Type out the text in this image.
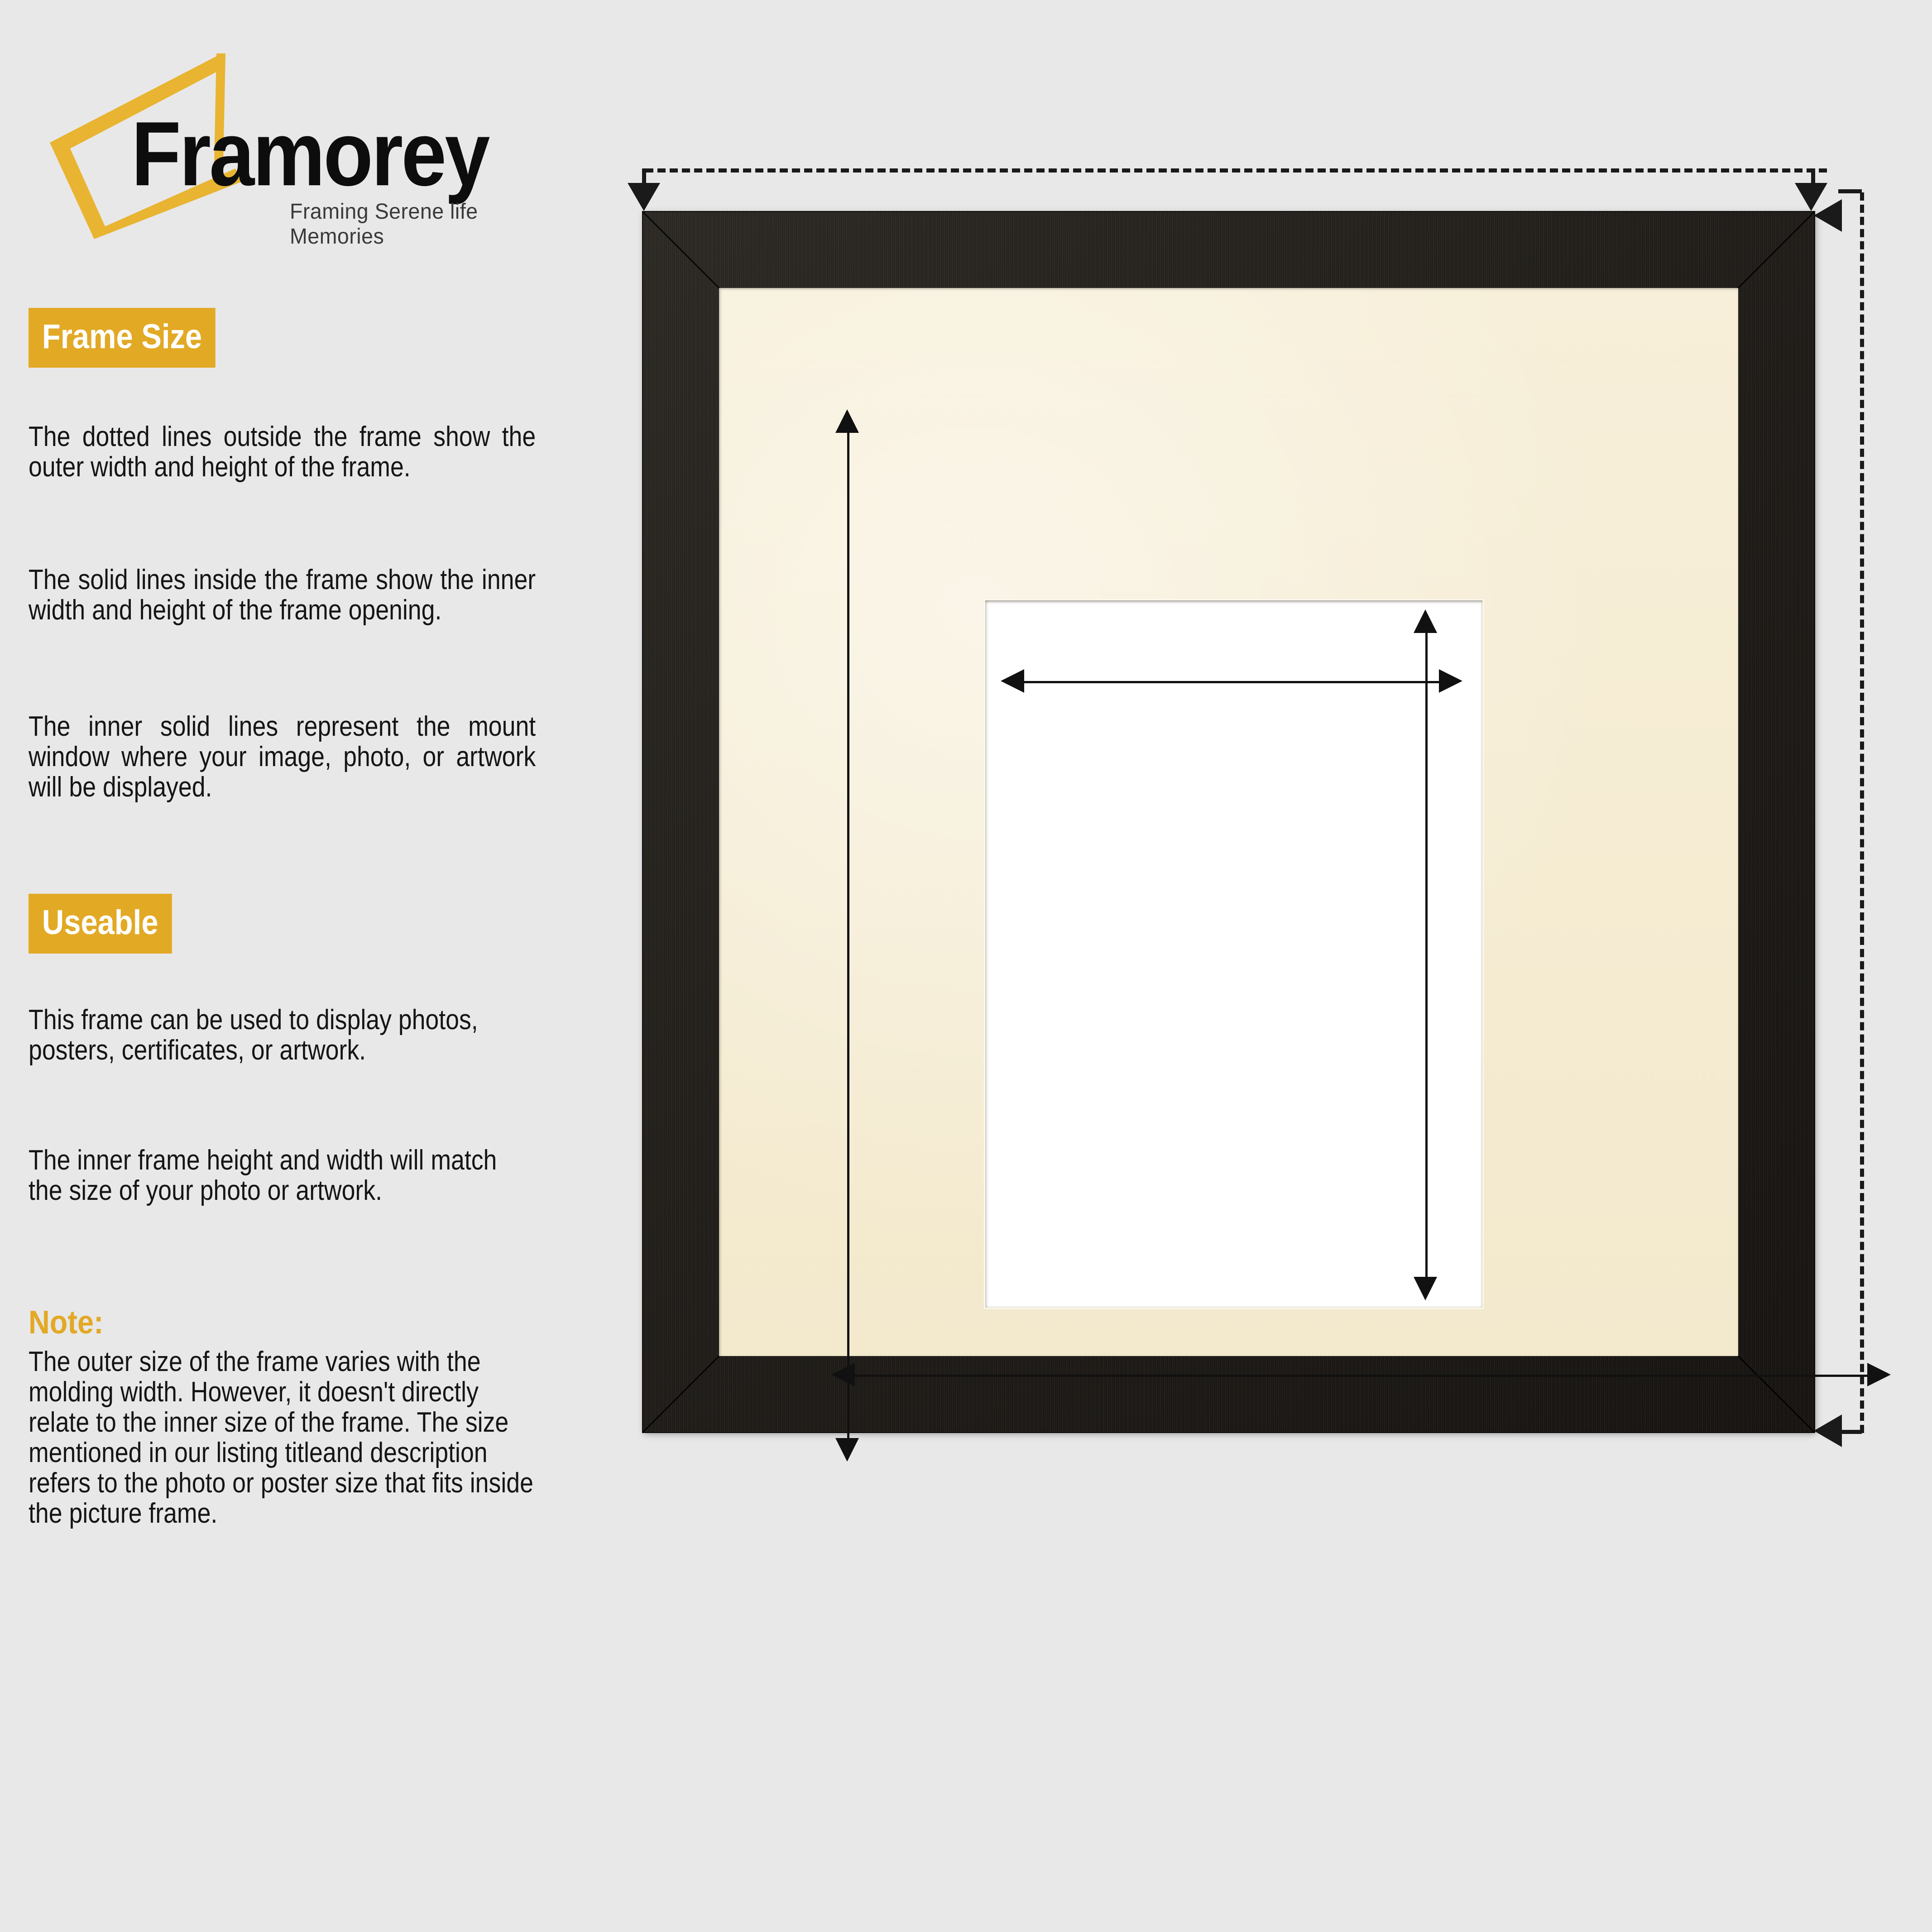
Framorey
Framing Serene life Memories
Frame Size
The dotted lines outside the frame show the outer width and height of the frame.
The solid lines inside the frame show the inner width and height of the frame opening.
The inner solid lines represent the mount window where your image, photo, or artwork will be displayed.
Useable
This frame can be used to display photos, posters, certificates, or artwork.
The inner frame height and width will match the size of your photo or artwork.
Note:
The outer size of the frame varies with the molding width. However, it doesn't directly relate to the inner size of the frame. The size mentioned in our listing titleand description refers to the photo or poster size that fits inside the picture frame.
